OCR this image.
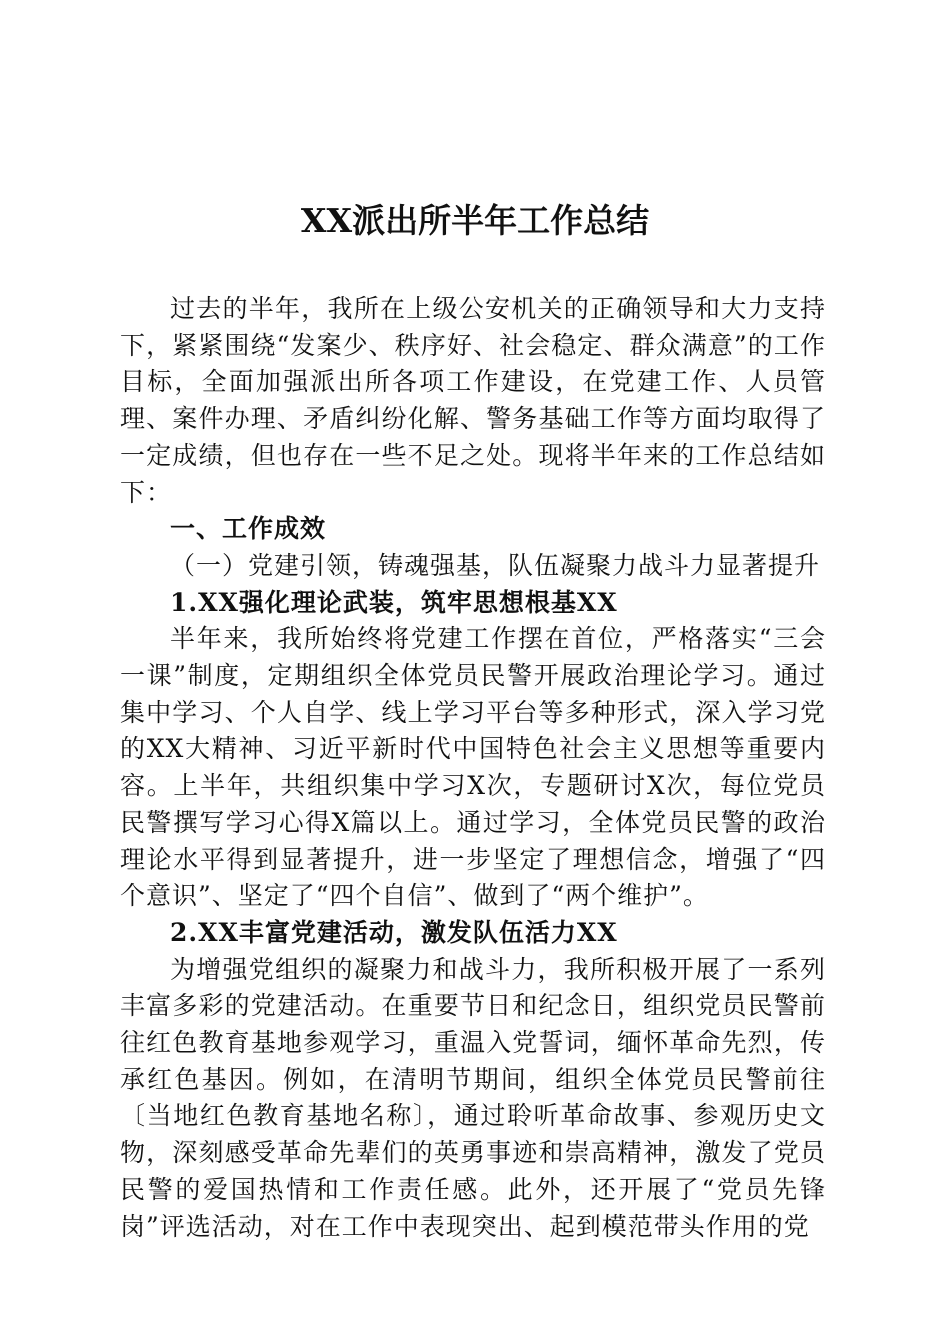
XX派出所半年工作总结

过去的半年，我所在上级公安机关的正确领导和大力支持下，紧紧围绕“发案少、秩序好、社会稳定、群众满意”的工作目标，全面加强派出所各项工作建设，在党建工作、人员管理、案件办理、矛盾纠纷化解、警务基础工作等方面均取得了一定成绩，但也存在一些不足之处。现将半年来的工作总结如下：

一、工作成效

（一）党建引领，铸魂强基，队伍凝聚力战斗力显著提升

1.XX强化理论武装，筑牢思想根基XX

半年来，我所始终将党建工作摆在首位，严格落实“三会一课”制度，定期组织全体党员民警开展政治理论学习。通过集中学习、个人自学、线上学习平台等多种形式，深入学习党的XX大精神、习近平新时代中国特色社会主义思想等重要内容。上半年，共组织集中学习X次，专题研讨X次，每位党员民警撰写学习心得X篇以上。通过学习，全体党员民警的政治理论水平得到显著提升，进一步坚定了理想信念，增强了“四个意识”、坚定了“四个自信”、做到了“两个维护”。

2.XX丰富党建活动，激发队伍活力XX

为增强党组织的凝聚力和战斗力，我所积极开展了一系列丰富多彩的党建活动。在重要节日和纪念日，组织党员民警前往红色教育基地参观学习，重温入党誓词，缅怀革命先烈，传承红色基因。例如，在清明节期间，组织全体党员民警前往〔当地红色教育基地名称〕，通过聆听革命故事、参观历史文物，深刻感受革命先辈们的英勇事迹和崇高精神，激发了党员民警的爱国热情和工作责任感。此外，还开展了“党员先锋岗”评选活动，对在工作中表现突出、起到模范带头作用的党
